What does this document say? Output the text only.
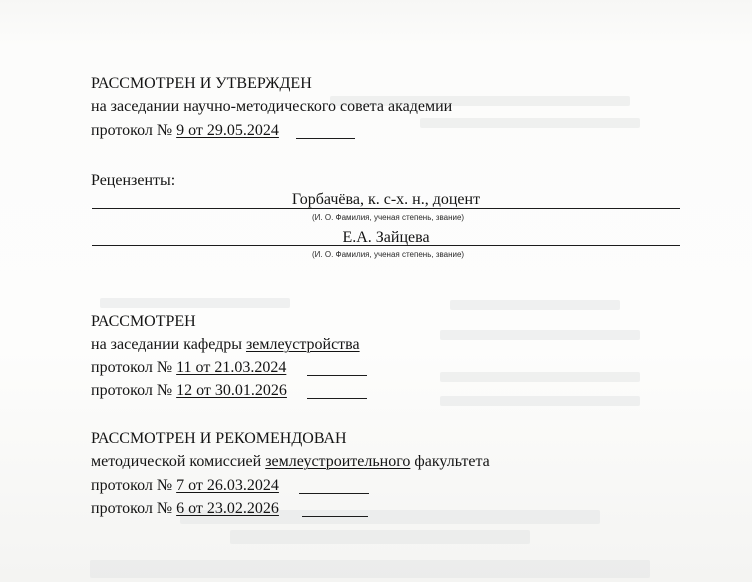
РАССМОТРЕН И УТВЕРЖДЕН
на заседании научно-методического совета академии
протокол № 9 от 29.05.2024
Рецензенты:
Горбачёва, к. с-х. н., доцент
(И. О. Фамилия, ученая степень, звание)
Е.А. Зайцева
(И. О. Фамилия, ученая степень, звание)
РАССМОТРЕН
на заседании кафедры землеустройства
протокол № 11 от 21.03.2024
протокол № 12 от 30.01.2026
РАССМОТРЕН И РЕКОМЕНДОВАН
методической комиссией землеустроительного факультета
протокол № 7 от 26.03.2024
протокол № 6 от 23.02.2026
